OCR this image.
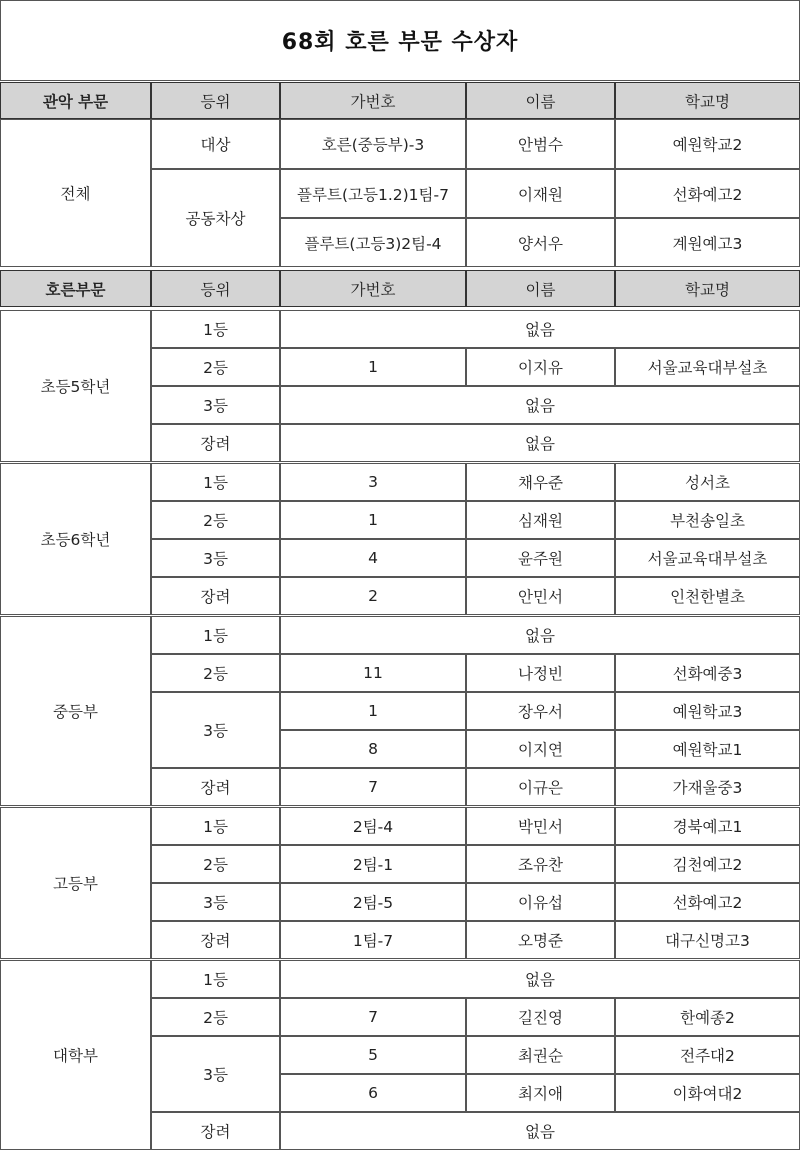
68회 호른 부문 수상자
관악 부문	등위	가번호	이름	학교명
전체	대상	호른(중등부)-3	안범수	예원학교2
	공동차상	플루트(고등1.2)1팀-7	이재원	선화예고2
		플루트(고등3)2팀-4	양서우	계원예고3
호른부문	등위	가번호	이름	학교명

초등5학년	1등	없음		
	2등	1	이지유	서울교육대부설초
	3등	없음		
	장려	없음		

초등6학년	1등	3	채우준	성서초
	2등	1	심재원	부천송일초
	3등	4	윤주원	서울교육대부설초
	장려	2	안민서	인천한별초

중등부	1등	없음		
	2등	11	나정빈	선화예중3
	3등	1	장우서	예원학교3
		8	이지연	예원학교1
	장려	7	이규은	가재울중3

고등부	1등	2팀-4	박민서	경북예고1
	2등	2팀-1	조유찬	김천예고2
	3등	2팀-5	이유섭	선화예고2
	장려	1팀-7	오명준	대구신명고3

대학부	1등	없음		
	2등	7	길진영	한예종2
	3등	5	최권순	전주대2
		6	최지애	이화여대2
	장려	없음		
